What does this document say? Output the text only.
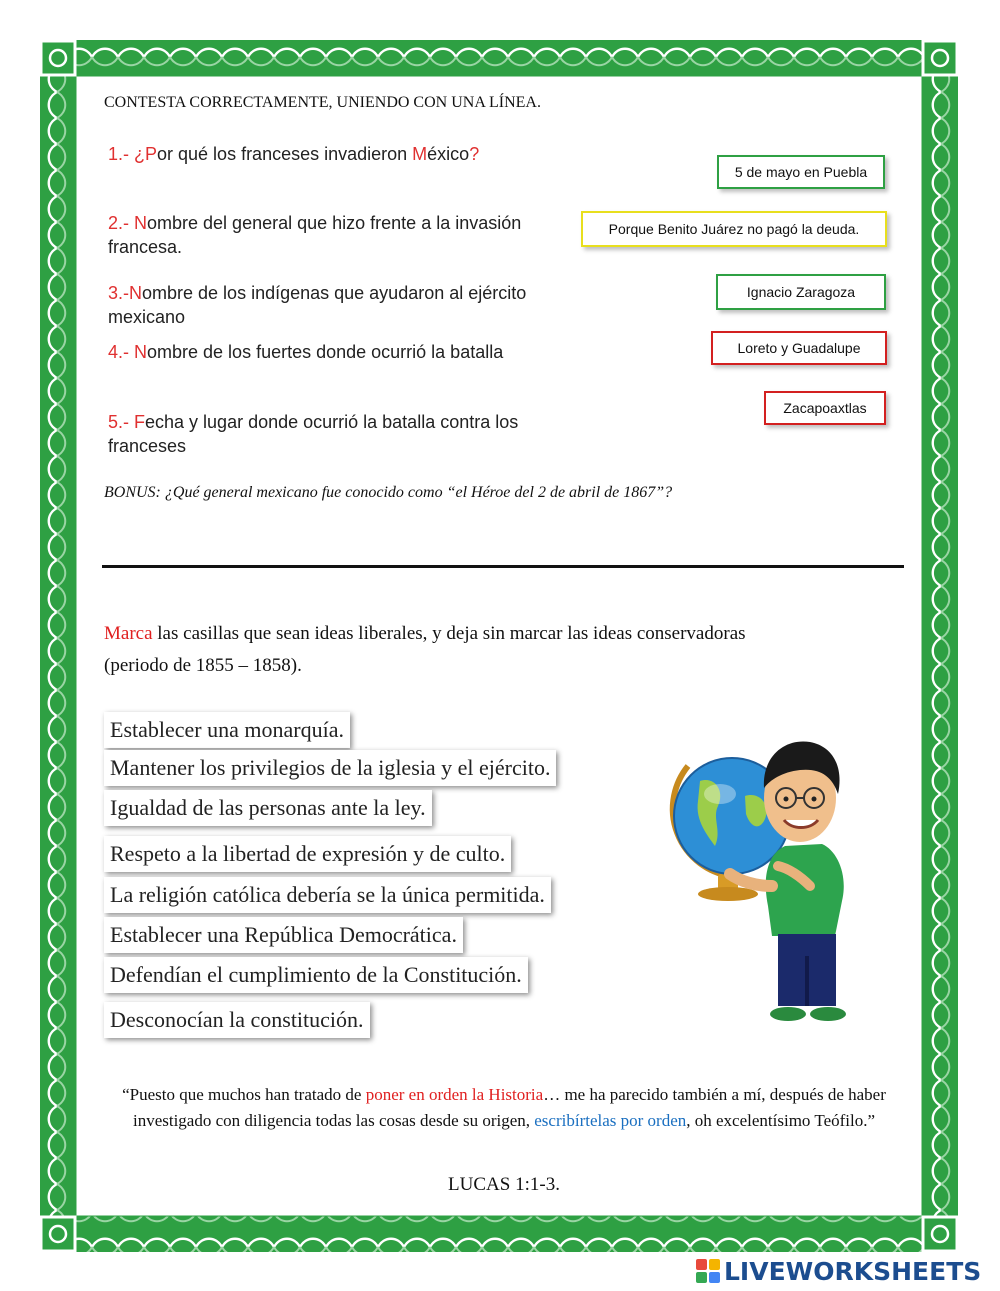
CONTESTA CORRECTAMENTE, UNIENDO CON UNA LÍNEA.
1.- ¿Por qué los franceses invadieron México?
2.- Nombre del general que hizo frente a la invasión francesa.
3.-Nombre de los indígenas que ayudaron al ejército mexicano
4.- Nombre de los fuertes donde ocurrió la batalla
5.- Fecha y lugar donde ocurrió la batalla contra los franceses
5 de mayo en Puebla
Porque Benito Juárez no pagó la deuda.
Ignacio Zaragoza
Loreto y Guadalupe
Zacapoaxtlas
BONUS: ¿Qué general mexicano fue conocido como “el Héroe del 2 de abril de 1867”?
Marca las casillas que sean ideas liberales, y deja sin marcar las ideas conservadoras (periodo de 1855 – 1858).
Establecer una monarquía.
Mantener los privilegios de la iglesia y el ejército.
Igualdad de las personas ante la ley.
Respeto a la libertad de expresión y de culto.
La religión católica debería se la única permitida.
Establecer una República Democrática.
Defendían el cumplimiento de la Constitución.
Desconocían la constitución.
“Puesto que muchos han tratado de poner en orden la Historia… me ha parecido también a mí, después de haber investigado con diligencia todas las cosas desde su origen, escribírtelas por orden, oh excelentísimo Teófilo.”
LUCAS 1:1-3.
LIVEWORKSHEETS
